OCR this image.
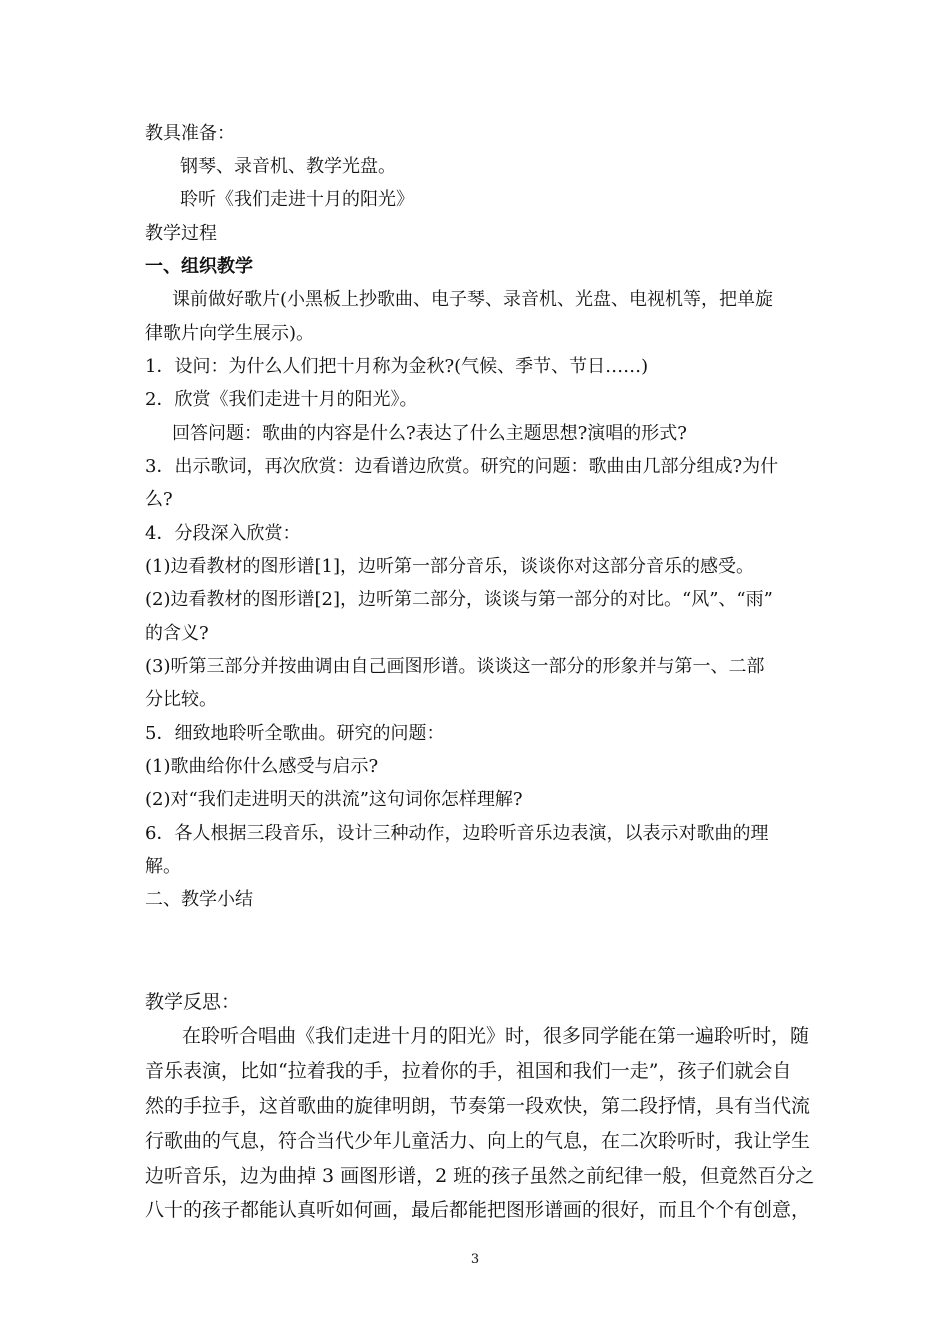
教具准备：
钢琴、录音机、教学光盘。
聆听《我们走进十月的阳光》
教学过程
一、组织教学
课前做好歌片(小黑板上抄歌曲、电子琴、录音机、光盘、电视机等，把单旋
律歌片向学生展示)。
1．设问：为什么人们把十月称为金秋?(气候、季节、节日……)
2．欣赏《我们走进十月的阳光》。
回答问题：歌曲的内容是什么?表达了什么主题思想?演唱的形式?
3．出示歌词，再次欣赏：边看谱边欣赏。研究的问题：歌曲由几部分组成?为什
么?
4．分段深入欣赏：
(1)边看教材的图形谱[1]，边听第一部分音乐，谈谈你对这部分音乐的感受。
(2)边看教材的图形谱[2]，边听第二部分，谈谈与第一部分的对比。“风”、“雨”
的含义?
(3)听第三部分并按曲调由自己画图形谱。谈谈这一部分的形象并与第一、二部
分比较。
5．细致地聆听全歌曲。研究的问题：
(1)歌曲给你什么感受与启示?
(2)对“我们走进明天的洪流”这句词你怎样理解?
6．各人根据三段音乐，设计三种动作，边聆听音乐边表演，以表示对歌曲的理
解。
二、教学小结
教学反思：
在聆听合唱曲《我们走进十月的阳光》时，很多同学能在第一遍聆听时，随
音乐表演，比如“拉着我的手，拉着你的手，祖国和我们一走”，孩子们就会自
然的手拉手，这首歌曲的旋律明朗，节奏第一段欢快，第二段抒情，具有当代流
行歌曲的气息，符合当代少年儿童活力、向上的气息，在二次聆听时，我让学生
边听音乐，边为曲掉 3 画图形谱，2 班的孩子虽然之前纪律一般，但竟然百分之
八十的孩子都能认真听如何画，最后都能把图形谱画的很好，而且个个有创意，
3
